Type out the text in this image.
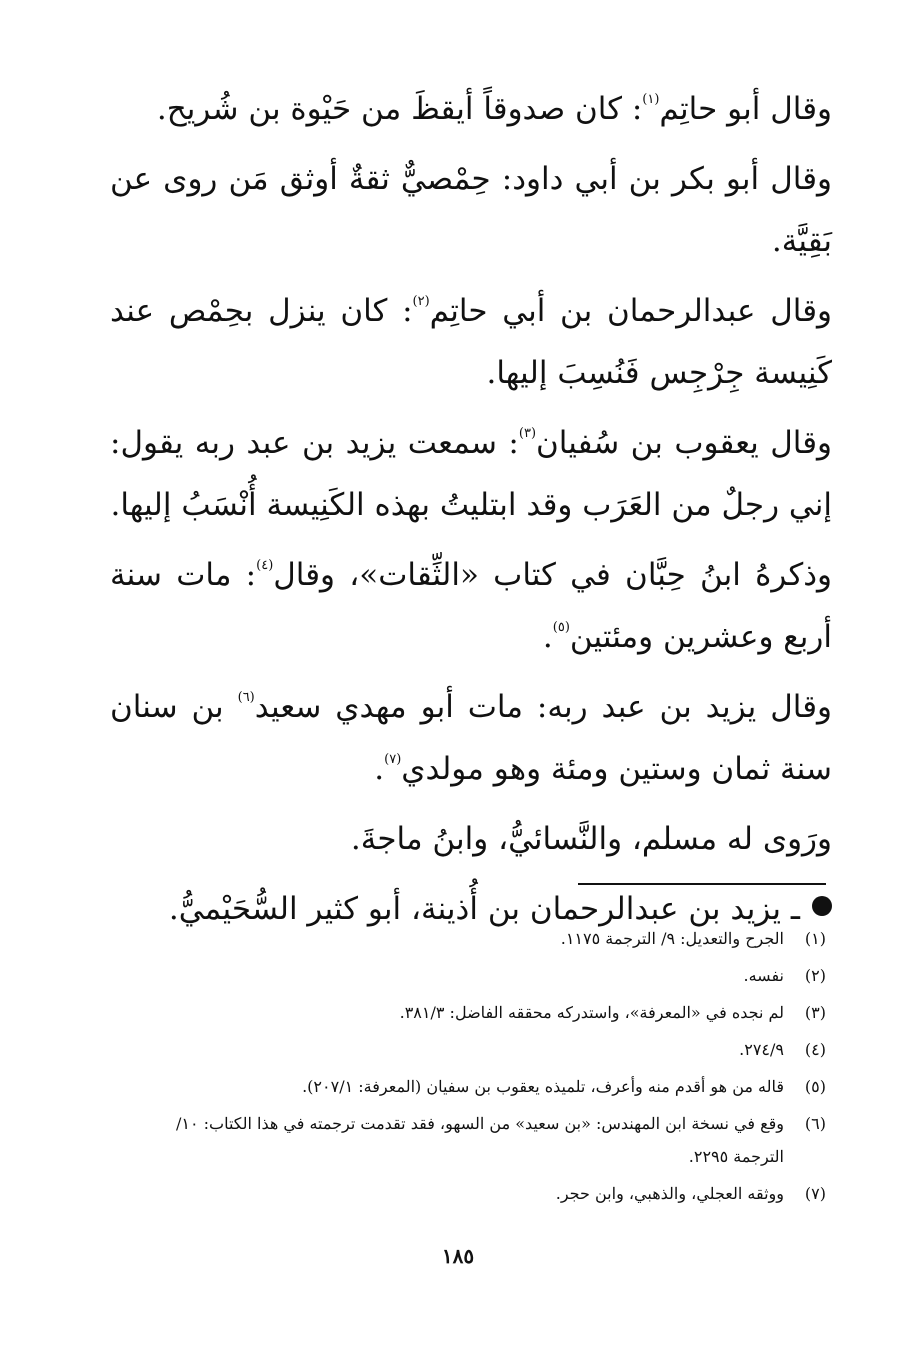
وقال أبو حاتِم$^{(١)}$: كان صدوقاً أيقظَ من حَيْوة بن شُريح.

وقال أبو بكر بن أبي داود: حِمْصيٌّ ثقةٌ أوثق مَن روى عن بَقِيَّة.

وقال عبدالرحمان بن أبي حاتِم$^{(٢)}$: كان ينزل بحِمْص عند كَنِيسة جِرْجِس فَنُسِبَ إليها.

وقال يعقوب بن سُفيان$^{(٣)}$: سمعت يزيد بن عبد ربه يقول: إني رجلٌ من العَرَب وقد ابتليتُ بهذه الكَنِيسة أُنْسَبُ إليها.

وذكرهُ ابنُ حِبَّان في كتاب «الثِّقات»، وقال$^{(٤)}$: مات سنة أربع وعشرين ومئتين$^{(٥)}$.

وقال يزيد بن عبد ربه: مات أبو مهدي سعيد$^{(٦)}$ بن سنان سنة ثمان وستين ومئة وهو مولدي$^{(٧)}$.

ورَوى له مسلم، والنَّسائيُّ، وابنُ ماجةَ.

ـ يزيد بن عبدالرحمان بن أُذينة، أبو كثير السُّحَيْميُّ.
(١)
الجرح والتعديل: ٩/ الترجمة ١١٧٥.
(٢)
نفسه.
(٣)
لم نجده في «المعرفة»، واستدركه محققه الفاضل: ٣٨١/٣.
(٤)
٢٧٤/٩.
(٥)
قاله من هو أقدم منه وأعرف، تلميذه يعقوب بن سفيان (المعرفة: ٢٠٧/١).
(٦)
وقع في نسخة ابن المهندس: «بن سعيد» من السهو، فقد تقدمت ترجمته في هذا الكتاب: ١٠/ الترجمة ٢٢٩٥.
(٧)
ووثقه العجلي، والذهبي، وابن حجر.
١٨٥
